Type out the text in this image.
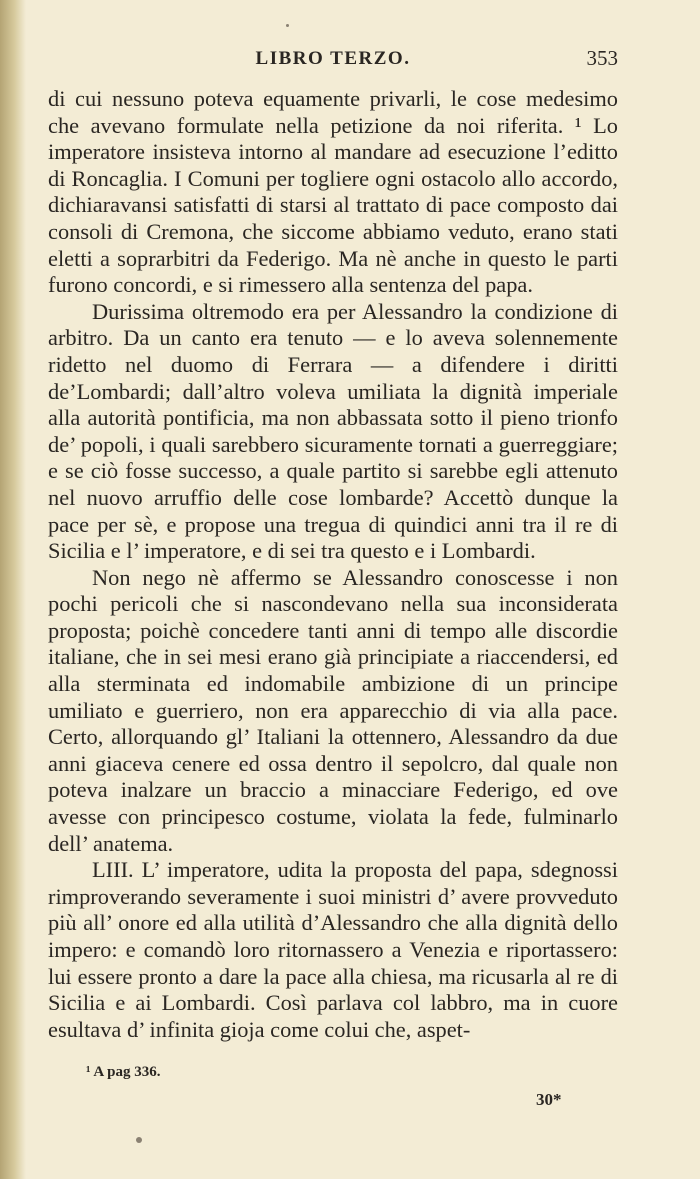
LIBRO TERZO.	353

di cui nessuno poteva equamente privarli, le cose medesimo che avevano formulate nella petizione da noi riferita. ¹ Lo imperatore insisteva intorno al mandare ad esecuzione l’editto di Roncaglia. I Comuni per togliere ogni ostacolo allo accordo, dichiaravansi satisfatti di starsi al trattato di pace composto dai consoli di Cremona, che siccome abbiamo veduto, erano stati eletti a soprarbitri da Federigo. Ma nè anche in questo le parti furono concordi, e si rimessero alla sentenza del papa.

Durissima oltremodo era per Alessandro la condizione di arbitro. Da un canto era tenuto — e lo aveva solennemente ridetto nel duomo di Ferrara — a difendere i diritti de’Lombardi; dall’altro voleva umiliata la dignità imperiale alla autorità pontificia, ma non abbassata sotto il pieno trionfo de’ popoli, i quali sarebbero sicuramente tornati a guerreggiare; e se ciò fosse successo, a quale partito si sarebbe egli attenuto nel nuovo arruffio delle cose lombarde? Accettò dunque la pace per sè, e propose una tregua di quindici anni tra il re di Sicilia e l’ imperatore, e di sei tra questo e i Lombardi.

Non nego nè affermo se Alessandro conoscesse i non pochi pericoli che si nascondevano nella sua inconsiderata proposta; poichè concedere tanti anni di tempo alle discordie italiane, che in sei mesi erano già principiate a riaccendersi, ed alla sterminata ed indomabile ambizione di un principe umiliato e guerriero, non era apparecchio di via alla pace. Certo, allorquando gl’ Italiani la ottennero, Alessandro da due anni giaceva cenere ed ossa dentro il sepolcro, dal quale non poteva inalzare un braccio a minacciare Federigo, ed ove avesse con principesco costume, violata la fede, fulminarlo dell’ anatema.

LIII. L’ imperatore, udita la proposta del papa, sdegnossi rimproverando severamente i suoi ministri d’ avere provveduto più all’ onore ed alla utilità d’Alessandro che alla dignità dello impero: e comandò loro ritornassero a Venezia e riportassero: lui essere pronto a dare la pace alla chiesa, ma ricusarla al re di Sicilia e ai Lombardi. Così parlava col labbro, ma in cuore esultava d’ infinita gioja come colui che, aspet-

¹ A pag 336.
30*
